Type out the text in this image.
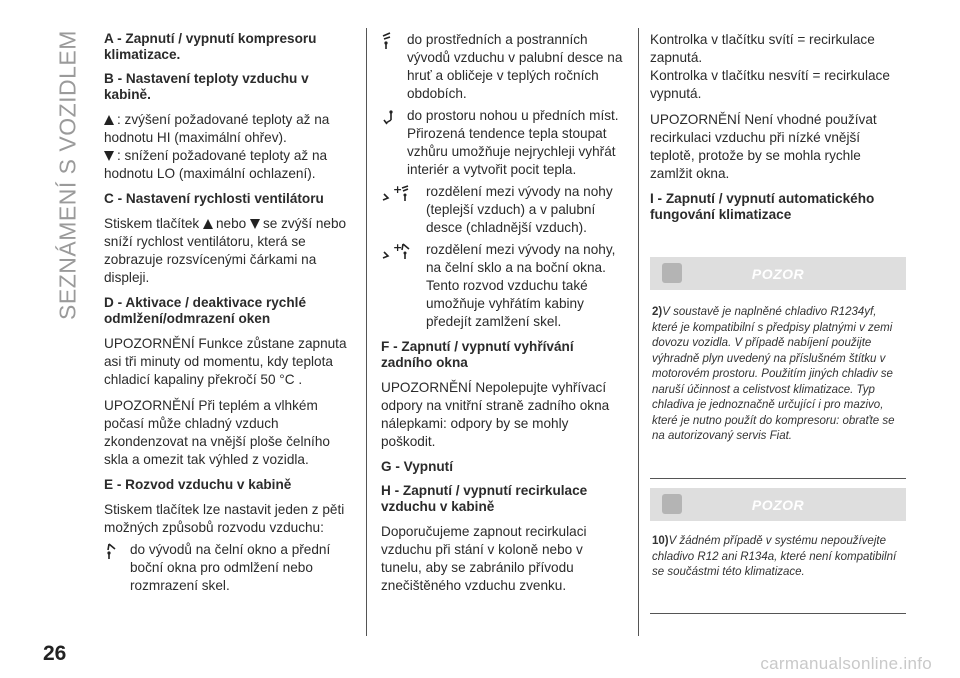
SEZNÁMENÍ S VOZIDLEM A - Zapnutí / vypnutí kompresoru klimatizace.

B - Nastavení teploty vzduchu v kabině.

: zvýšení požadované teploty až na hodnotu HI (maximální ohřev).

: snížení požadované teploty až na hodnotu LO (maximální ochlazení).

C - Nastavení rychlosti ventilátoru

Stiskem tlačítek nebo se zvýší nebo sníží rychlost ventilátoru, která se zobrazuje rozsvícenými čárkami na displeji.

D - Aktivace / deaktivace rychlé odmlžení/odmrazení oken

UPOZORNĚNÍ Funkce zůstane zapnuta asi tři minuty od momentu, kdy teplota chladicí kapaliny překročí 50 °C .

UPOZORNĚNÍ Při teplém a vlhkém počasí může chladný vzduch zkondenzovat na vnější ploše čelního skla a omezit tak výhled z vozidla.

E - Rozvod vzduchu v kabině

Stiskem tlačítek lze nastavit jeden z pěti možných způsobů rozvodu vzduchu:

do vývodů na čelní okno a přední boční okna pro odmlžení nebo rozmrazení skel.

do prostředních a postranních vývodů vzduchu v palubní desce na hruť a obličeje v teplých ročních obdobích.

do prostoru nohou u předních míst. Přirozená tendence tepla stoupat vzhůru umožňuje nejrychleji vyhřát interiér a vytvořit pocit tepla.

+ rozdělení mezi vývody na nohy (teplejší vzduch) a v palubní desce (chladnější vzduch).

+ rozdělení mezi vývody na nohy, na čelní sklo a na boční okna. Tento rozvod vzduchu také umožňuje vyhřátím kabiny předejít zamlžení skel.

F - Zapnutí / vypnutí vyhřívání zadního okna

UPOZORNĚNÍ Nepolepujte vyhřívací odpory na vnitřní straně zadního okna nálepkami: odpory by se mohly poškodit.

G - Vypnutí

H - Zapnutí / vypnutí recirkulace vzduchu v kabině

Doporučujeme zapnout recirkulaci vzduchu při stání v koloně nebo v tunelu, aby se zabránilo přívodu znečištěného vzduchu zvenku.

Kontrolka v tlačítku svítí = recirkulace zapnutá.

Kontrolka v tlačítku nesvítí = recirkulace vypnutá.

UPOZORNĚNÍ Není vhodné používat recirkulaci vzduchu při nízké vnější teplotě, protože by se mohla rychle zamlžit okna.

I - Zapnutí / vypnutí automatického fungování klimatizace

POZOR
2)V soustavě je naplněné chladivo R1234yf, které je kompatibilní s předpisy platnými v zemi dovozu vozidla. V případě nabíjení použijte výhradně plyn uvedený na příslušném štítku v motorovém prostoru. Použitím jiných chladiv se naruší účinnost a celistvost klimatizace. Typ chladiva je jednoznačně určující i pro mazivo, které je nutno použít do kompresoru: obraťte se na autorizovaný servis Fiat.
POZOR
10)V žádném případě v systému nepoužívejte chladivo R12 ani R134a, které není kompatibilní se součástmi této klimatizace.
26	carmanualsonline.info
